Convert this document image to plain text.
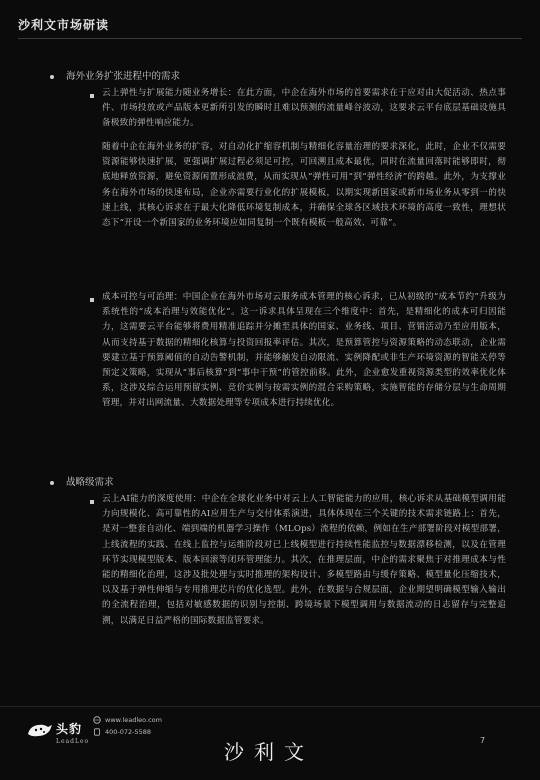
沙利文市场研读
海外业务扩张进程中的需求
云上弹性与扩展能力随业务增长：在此方面，中企在海外市场的首要需求在于应对由大促活动、热点事件、市场投放或产品版本更新所引发的瞬时且难以预测的流量峰谷波动，这要求云平台底层基础设施具备极致的弹性响应能力。
随着中企在海外业务的扩容，对自动化扩缩容机制与精细化容量治理的要求深化，此时，企业不仅需要资源能够快速扩展，更强调扩展过程必须足可控，可回溯且成本最优，同时在流量回落时能够即时，彻底地释放资源，避免资源闲置形成浪费，从而实现从“弹性可用”到“弹性经济”的跨越。此外，为支撑业务在海外市场的快速布局，企业亦需要行业化的扩展模板，以期实现新国家或新市场业务从零到一的快速上线，其核心诉求在于最大化降低环境复制成本，并确保全球各区域技术环境的高度一致性，理想状态下“开设一个新国家的业务环境应如同复制一个既有模板一般高效、可靠”。
成本可控与可治理：中国企业在海外市场对云服务成本管理的核心诉求，已从初级的“成本节约”升级为系统性的“成本治理与效能优化”。这一诉求具体呈现在三个维度中：首先，是精细化的成本可归因能力，这需要云平台能够将费用精准追踪并分摊至具体的国家、业务线、项目、营销活动乃至应用版本，从而支持基于数据的精细化核算与投资回报率评估。其次，是预算管控与资源策略的动态联动，企业需要建立基于预算阈值的自动告警机制，并能够触发自动限流、实例降配或非生产环境资源的智能关停等预定义策略，实现从“事后核算”到“事中干预”的管控前移。此外，企业愈发重视资源类型的效率优化体系，这涉及综合运用预留实例、竞价实例与按需实例的混合采购策略，实施智能的存储分层与生命周期管理，并对出网流量、大数据处理等专项成本进行持续优化。
战略级需求
云上AI能力的深度使用：中企在全球化业务中对云上人工智能能力的应用，核心诉求从基础模型调用能力向规模化、高可靠性的AI应用生产与交付体系演进，具体体现在三个关键的技术需求链路上：首先，是对一整套自动化、端到端的机器学习操作（MLOps）流程的依赖，例如在生产部署阶段对模型部署，上线流程的实践、在线上监控与运维阶段对已上线模型进行持续性能监控与数据漂移检测，以及在管理环节实现模型版本、版本回滚等闭环管理能力。其次，在推理层面，中企的需求聚焦于对推理成本与性能的精细化治理，这涉及批处理与实时推理的架构设计、多模型路由与缓存策略、模型量化压缩技术，以及基于弹性伸缩与专用推理芯片的优化选型。此外，在数据与合规层面，企业期望明确模型输入输出的全流程治理，包括对敏感数据的识别与控制、跨境场景下模型调用与数据流动的日志留存与完整追溯，以满足日益严格的国际数据监管要求。
头豹
LeadLeo
www.leadleo.com
400-072-5588
沙利文	7
